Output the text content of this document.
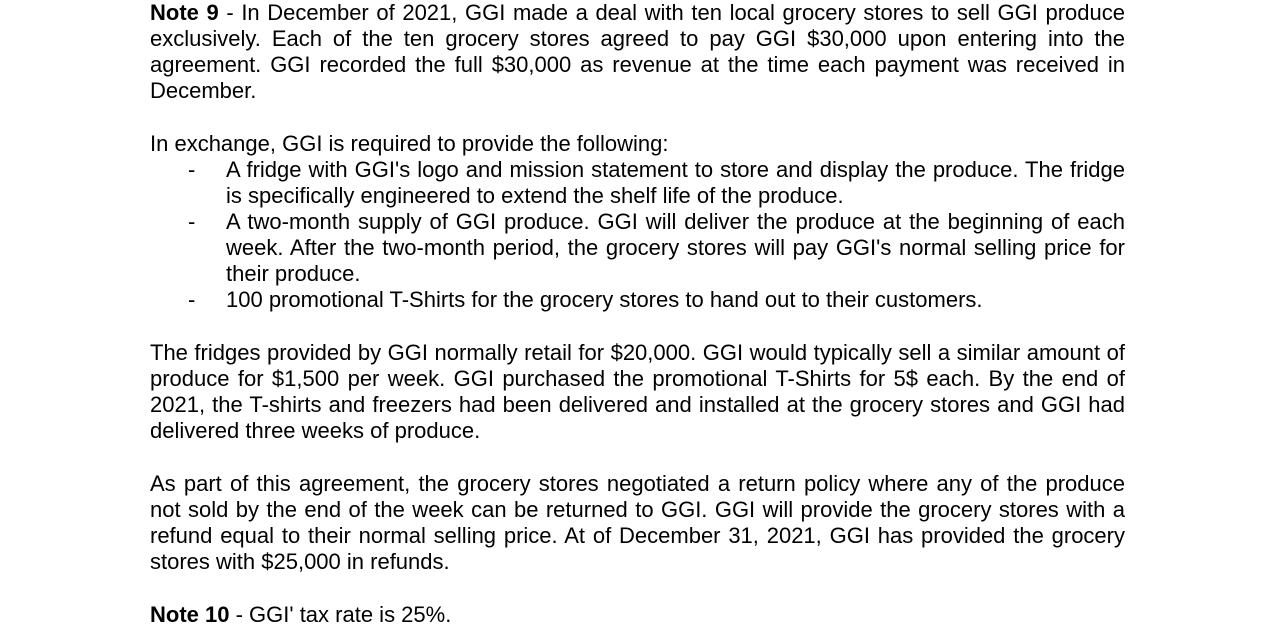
Note 9 - In December of 2021, GGI made a deal with ten local grocery stores to sell GGI produce exclusively. Each of the ten grocery stores agreed to pay GGI $30,000 upon entering into the agreement. GGI recorded the full $30,000 as revenue at the time each payment was received in December.

In exchange, GGI is required to provide the following:

- A fridge with GGI's logo and mission statement to store and display the produce. The fridge is specifically engineered to extend the shelf life of the produce.
- A two-month supply of GGI produce. GGI will deliver the produce at the beginning of each week. After the two-month period, the grocery stores will pay GGI's normal selling price for their produce.
- 100 promotional T-Shirts for the grocery stores to hand out to their customers.

The fridges provided by GGI normally retail for $20,000. GGI would typically sell a similar amount of produce for $1,500 per week. GGI purchased the promotional T-Shirts for 5$ each. By the end of 2021, the T-shirts and freezers had been delivered and installed at the grocery stores and GGI had delivered three weeks of produce.

As part of this agreement, the grocery stores negotiated a return policy where any of the produce not sold by the end of the week can be returned to GGI. GGI will provide the grocery stores with a refund equal to their normal selling price. At of December 31, 2021, GGI has provided the grocery stores with $25,000 in refunds.

Note 10 - GGI' tax rate is 25%.
